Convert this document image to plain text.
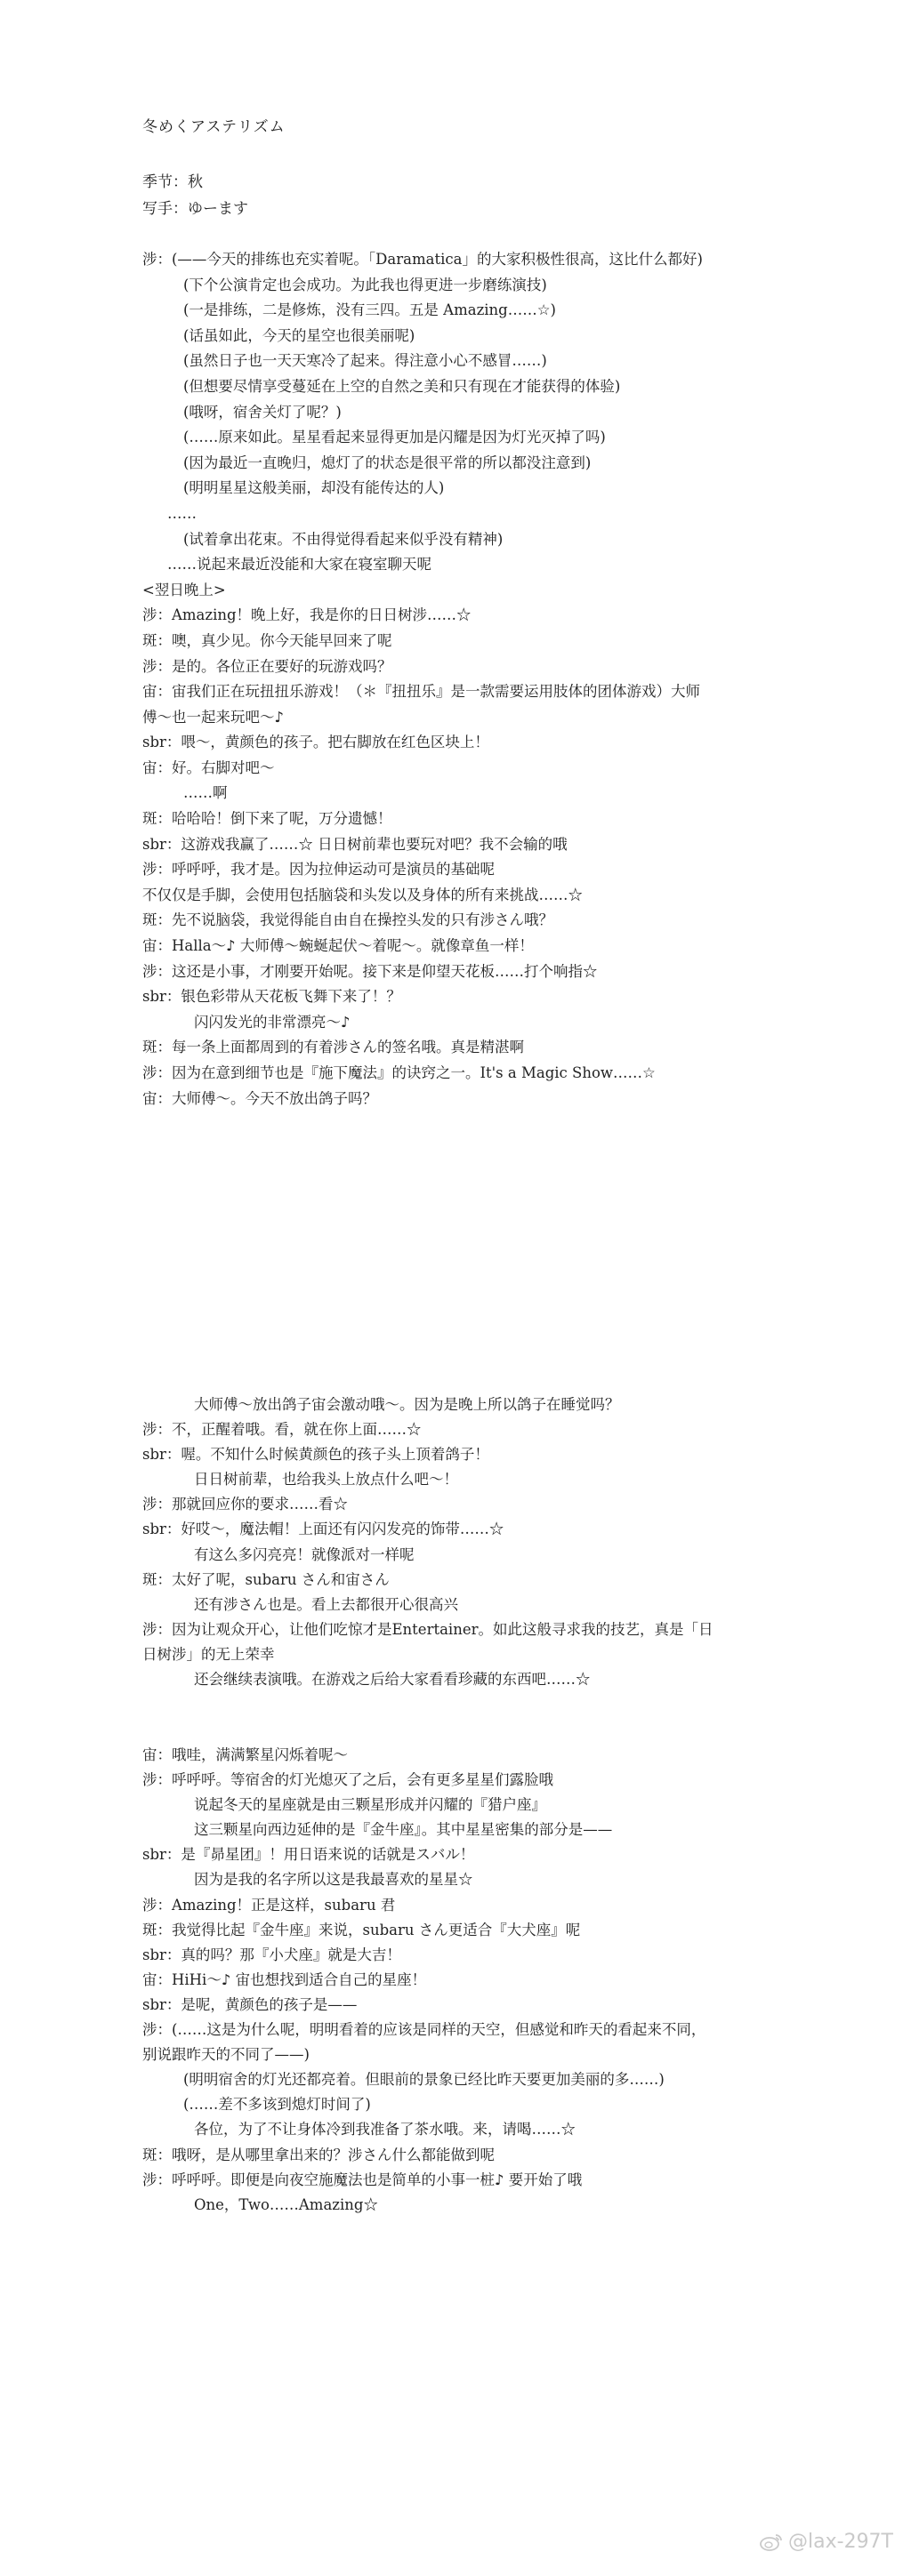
冬めくアステリズム
季节：秋
写手：ゆーます
涉：(——今天的排练也充实着呢。「Daramatica」的大家积极性很高，这比什么都好)
(下个公演肯定也会成功。为此我也得更进一步磨练演技)
(一是排练，二是修炼，没有三四。五是 Amazing……☆)
(话虽如此，今天的星空也很美丽呢)
(虽然日子也一天天寒冷了起来。得注意小心不感冒……)
(但想要尽情享受蔓延在上空的自然之美和只有现在才能获得的体验)
(哦呀，宿舍关灯了呢？)
(……原来如此。星星看起来显得更加是闪耀是因为灯光灭掉了吗)
(因为最近一直晚归，熄灯了的状态是很平常的所以都没注意到)
(明明星星这般美丽，却没有能传达的人)
……
(试着拿出花束。不由得觉得看起来似乎没有精神)
……说起来最近没能和大家在寝室聊天呢
<翌日晚上>
涉：Amazing！晚上好，我是你的日日树涉……☆
斑：噢，真少见。你今天能早回来了呢
涉：是的。各位正在要好的玩游戏吗？
宙：宙我们正在玩扭扭乐游戏！（＊『扭扭乐』是一款需要运用肢体的团体游戏）大师
傅～也一起来玩吧～♪
sbr：喂～，黄颜色的孩子。把右脚放在红色区块上！
宙：好。右脚对吧～
……啊
斑：哈哈哈！倒下来了呢，万分遗憾！
sbr：这游戏我赢了……☆ 日日树前辈也要玩对吧？我不会输的哦
涉：呼呼呼，我才是。因为拉伸运动可是演员的基础呢
不仅仅是手脚，会使用包括脑袋和头发以及身体的所有来挑战……☆
斑：先不说脑袋，我觉得能自由自在操控头发的只有涉さん哦？
宙：Halla～♪ 大师傅～蜿蜒起伏～着呢～。就像章鱼一样！
涉：这还是小事，才刚要开始呢。接下来是仰望天花板……打个响指☆
sbr：银色彩带从天花板飞舞下来了！？
闪闪发光的非常漂亮～♪
斑：每一条上面都周到的有着涉さん的签名哦。真是精湛啊
涉：因为在意到细节也是『施下魔法』的诀窍之一。It's a Magic Show……☆
宙：大师傅～。今天不放出鸽子吗？
大师傅～放出鸽子宙会激动哦～。因为是晚上所以鸽子在睡觉吗？
涉：不，正醒着哦。看，就在你上面……☆
sbr：喔。不知什么时候黄颜色的孩子头上顶着鸽子！
日日树前辈，也给我头上放点什么吧～！
涉：那就回应你的要求……看☆
sbr：好哎～，魔法帽！上面还有闪闪发亮的饰带……☆
有这么多闪亮亮！就像派对一样呢
斑：太好了呢，subaru さん和宙さん
还有涉さん也是。看上去都很开心很高兴
涉：因为让观众开心，让他们吃惊才是Entertainer。如此这般寻求我的技艺，真是「日
日树涉」的无上荣幸
还会继续表演哦。在游戏之后给大家看看珍藏的东西吧……☆
宙：哦哇，满满繁星闪烁着呢～
涉：呼呼呼。等宿舍的灯光熄灭了之后，会有更多星星们露脸哦
说起冬天的星座就是由三颗星形成并闪耀的『猎户座』
这三颗星向西边延伸的是『金牛座』。其中星星密集的部分是——
sbr：是『昴星团』！用日语来说的话就是スバル！
因为是我的名字所以这是我最喜欢的星星☆
涉：Amazing！正是这样，subaru 君
斑：我觉得比起『金牛座』来说，subaru さん更适合『大犬座』呢
sbr：真的吗？那『小犬座』就是大吉！
宙：HiHi～♪ 宙也想找到适合自己的星座！
sbr：是呢，黄颜色的孩子是——
涉：(……这是为什么呢，明明看着的应该是同样的天空，但感觉和昨天的看起来不同，
别说跟昨天的不同了——)
(明明宿舍的灯光还都亮着。但眼前的景象已经比昨天要更加美丽的多……)
(……差不多该到熄灯时间了)
各位，为了不让身体冷到我准备了茶水哦。来，请喝……☆
斑：哦呀，是从哪里拿出来的？涉さん什么都能做到呢
涉：呼呼呼。即便是向夜空施魔法也是简单的小事一桩♪ 要开始了哦
One，Two……Amazing☆
@lax-297T
